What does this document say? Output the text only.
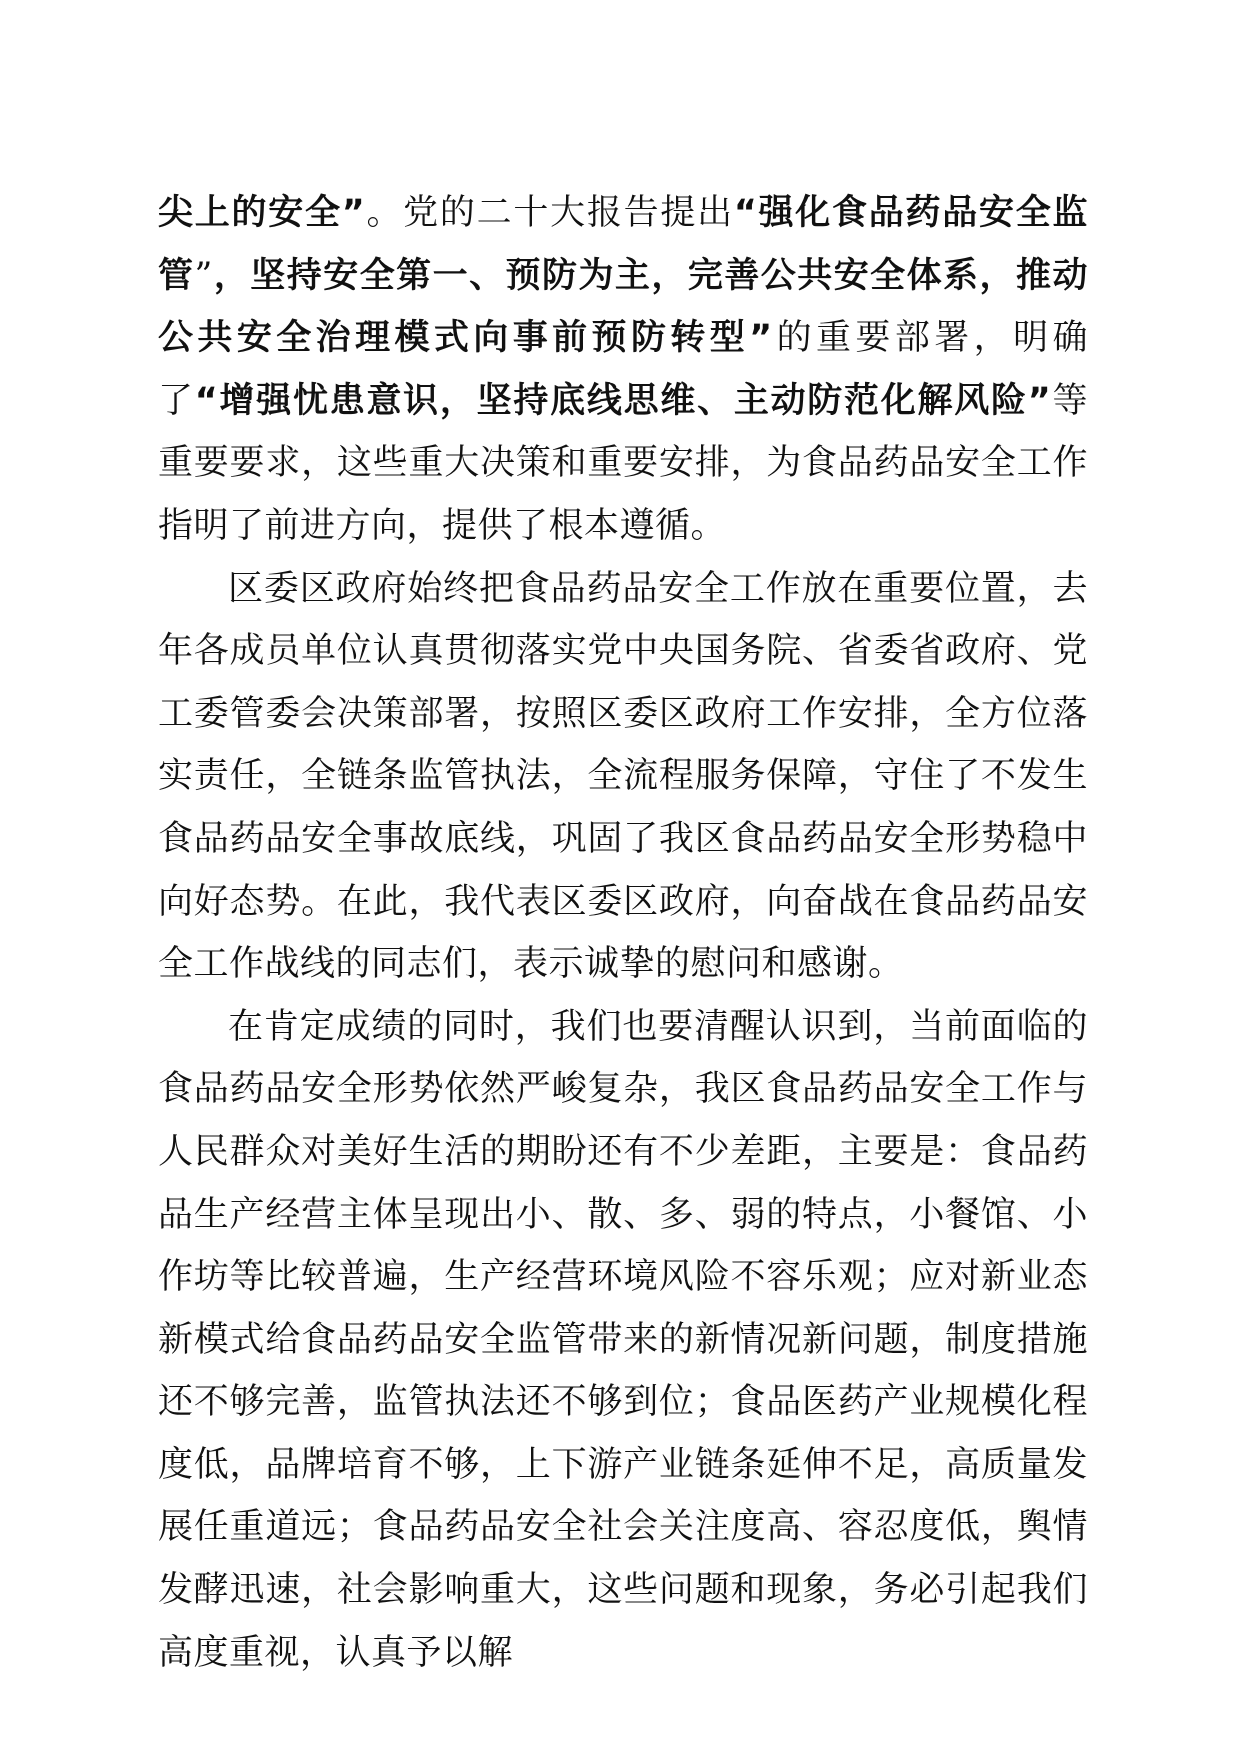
尖上的安全”。党的二十大报告提出“强化食品药品安全监管”，坚持安全第一、预防为主，完善公共安全体系，推动公共安全治理模式向事前预防转型”的重要部署，明确了“增强忧患意识，坚持底线思维、主动防范化解风险”等重要要求，这些重大决策和重要安排，为食品药品安全工作指明了前进方向，提供了根本遵循。

区委区政府始终把食品药品安全工作放在重要位置，去年各成员单位认真贯彻落实党中央国务院、省委省政府、党工委管委会决策部署，按照区委区政府工作安排，全方位落实责任，全链条监管执法，全流程服务保障，守住了不发生食品药品安全事故底线，巩固了我区食品药品安全形势稳中向好态势。在此，我代表区委区政府，向奋战在食品药品安全工作战线的同志们，表示诚挚的慰问和感谢。

在肯定成绩的同时，我们也要清醒认识到，当前面临的食品药品安全形势依然严峻复杂，我区食品药品安全工作与人民群众对美好生活的期盼还有不少差距，主要是：食品药品生产经营主体呈现出小、散、多、弱的特点，小餐馆、小作坊等比较普遍，生产经营环境风险不容乐观；应对新业态新模式给食品药品安全监管带来的新情况新问题，制度措施还不够完善，监管执法还不够到位；食品医药产业规模化程度低，品牌培育不够，上下游产业链条延伸不足，高质量发展任重道远；食品药品安全社会关注度高、容忍度低，舆情发酵迅速，社会影响重大，这些问题和现象，务必引起我们高度重视，认真予以解
